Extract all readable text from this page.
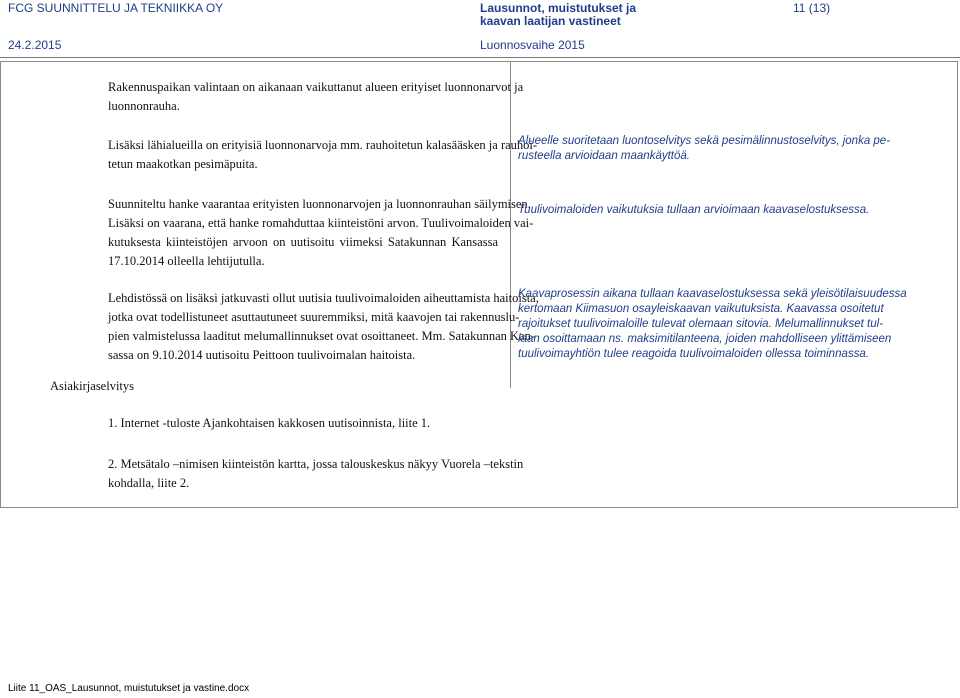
FCG SUUNNITTELU JA TEKNIIKKA OY	Lausunnot, muistutukset ja
kaavan laatijan vastineet
11 (13)
24.2.2015	Luonnosvaihe 2015
Rakennuspaikan valintaan on aikanaan vaikuttanut alueen erityiset luonnonarvot ja
luonnonrauha.
Lisäksi lähialueilla on erityisiä luonnonarvoja mm. rauhoitetun kalasääsken ja rauhoi-
tetun maakotkan pesimäpuita.
Suunniteltu hanke vaarantaa erityisten luonnonarvojen ja luonnonrauhan säilymisen.
Lisäksi on vaarana, että hanke romahduttaa kiinteistöni arvon. Tuulivoimaloiden vai-
kutuksesta kiinteistöjen arvoon on uutisoitu viimeksi Satakunnan Kansassa
17.10.2014 olleella lehtijutulla.
Lehdistössä on lisäksi jatkuvasti ollut uutisia tuulivoimaloiden aiheuttamista haitoista,
jotka ovat todellistuneet asuttautuneet suuremmiksi, mitä kaavojen tai rakennuslu-
pien valmistelussa laaditut melumallinnukset ovat osoittaneet. Mm. Satakunnan Kan-
sassa on 9.10.2014 uutisoitu Peittoon tuulivoimalan haitoista.
Asiakirjaselvitys
1. Internet -tuloste Ajankohtaisen kakkosen uutisoinnista, liite 1.
2. Metsätalo –nimisen kiinteistön kartta, jossa talouskeskus näkyy Vuorela –tekstin
kohdalla, liite 2.
Alueelle suoritetaan luontoselvitys sekä pesimälinnustoselvitys, jonka pe-
rusteella arvioidaan maankäyttöä.
Tuulivoimaloiden vaikutuksia tullaan arvioimaan kaavaselostuksessa.
Kaavaprosessin aikana tullaan kaavaselostuksessa sekä yleisötilaisuudessa
kertomaan Kiimasuon osayleiskaavan vaikutuksista. Kaavassa osoitetut
rajoitukset tuulivoimaloille tulevat olemaan sitovia. Melumallinnukset tul-
laan osoittamaan ns. maksimitilanteena, joiden mahdolliseen ylittämiseen
tuulivoimayhtiön tulee reagoida tuulivoimaloiden ollessa toiminnassa.
Liite 11_OAS_Lausunnot, muistutukset ja vastine.docx
